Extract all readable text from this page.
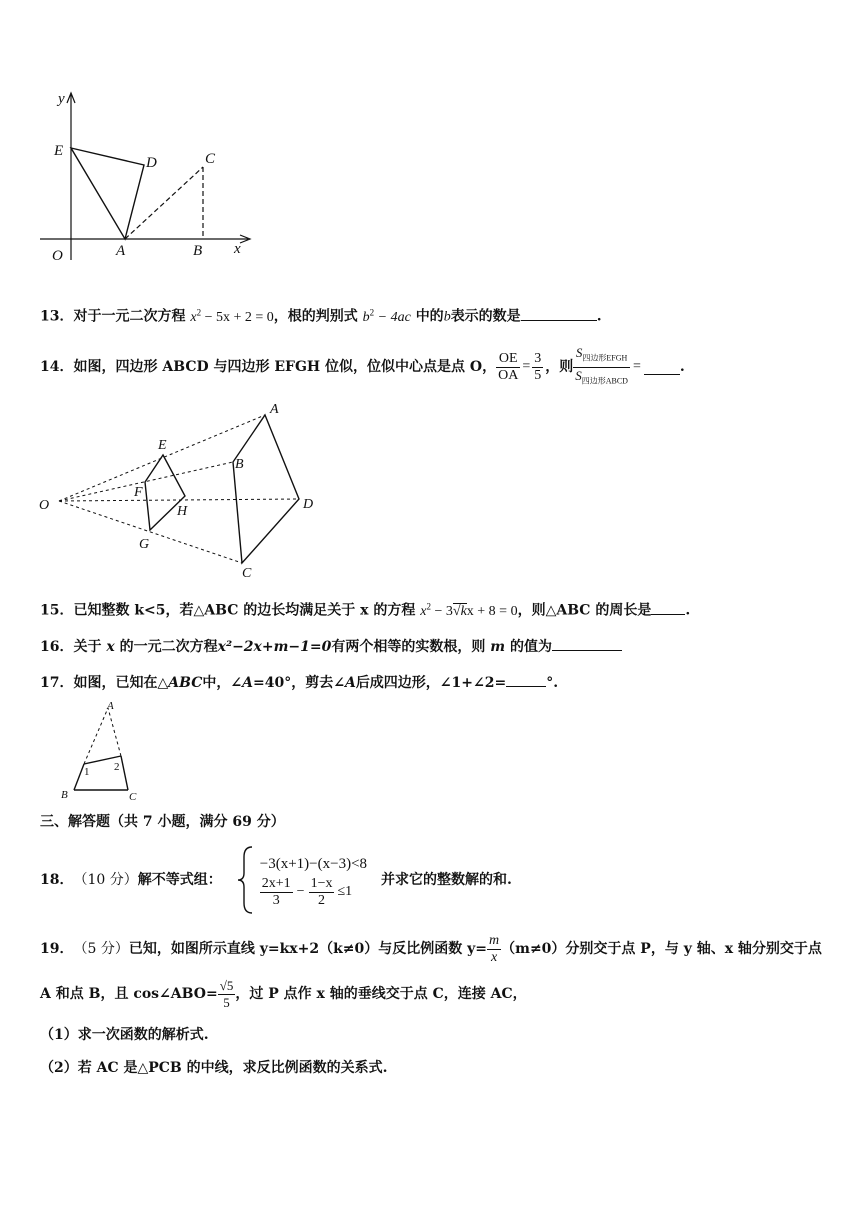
y
x
O
E
D	C
A	B
13．对于一元二次方程 $x^2 - 5x + 2 = 0$，根的判别式 $b^2 - 4ac$ 中的b表示的数是	.
14． 如图，四边形 ABCD 与四边形 EFGH 位似，位似中心点是点 O， $\frac{OE}{OA} = \frac{3}{5}$ ，则 $\frac{S_{四边形EFGH}}{S_{四边形ABCD}}$ =	.
O
A
B
D
C
E
F
H
G
15．已知整数 k<5，若△ABC 的边长均满足关于 x 的方程 $x^2 - 3√kx + 8 = 0$，则△ABC 的周长是 .
16．关于 x 的一元二次方程x²−2x+m−1=0有两个相等的实数根，则 m 的值为
17．如图，已知在△ABC中，∠A=40°，剪去∠A后成四边形，∠1+∠2=	°.
A
B	C
1 2
三、解答题（共 7 小题，满分 69 分）
18． （10 分） 解不等式组：
−3(x+1)−(x−3)<8
$\frac{2x+1}{3} - \frac{1-x}{2} \le 1$
并求它的整数解的和.
19． （5 分） 已知，如图所示直线 y=kx+2（k≠0）与反比例函数 $y= \frac{m}{x} (m\ne 0)$分别交于点 P，与 y 轴、x 轴分别交于点
A 和点 B，且 cos∠ABO= $\frac{√5}{5}$ ，过 P 点作 x 轴的垂线交于点 C，连接 AC，
（1）求一次函数的解析式.
（2）若 AC 是△PCB 的中线，求反比例函数的关系式.
